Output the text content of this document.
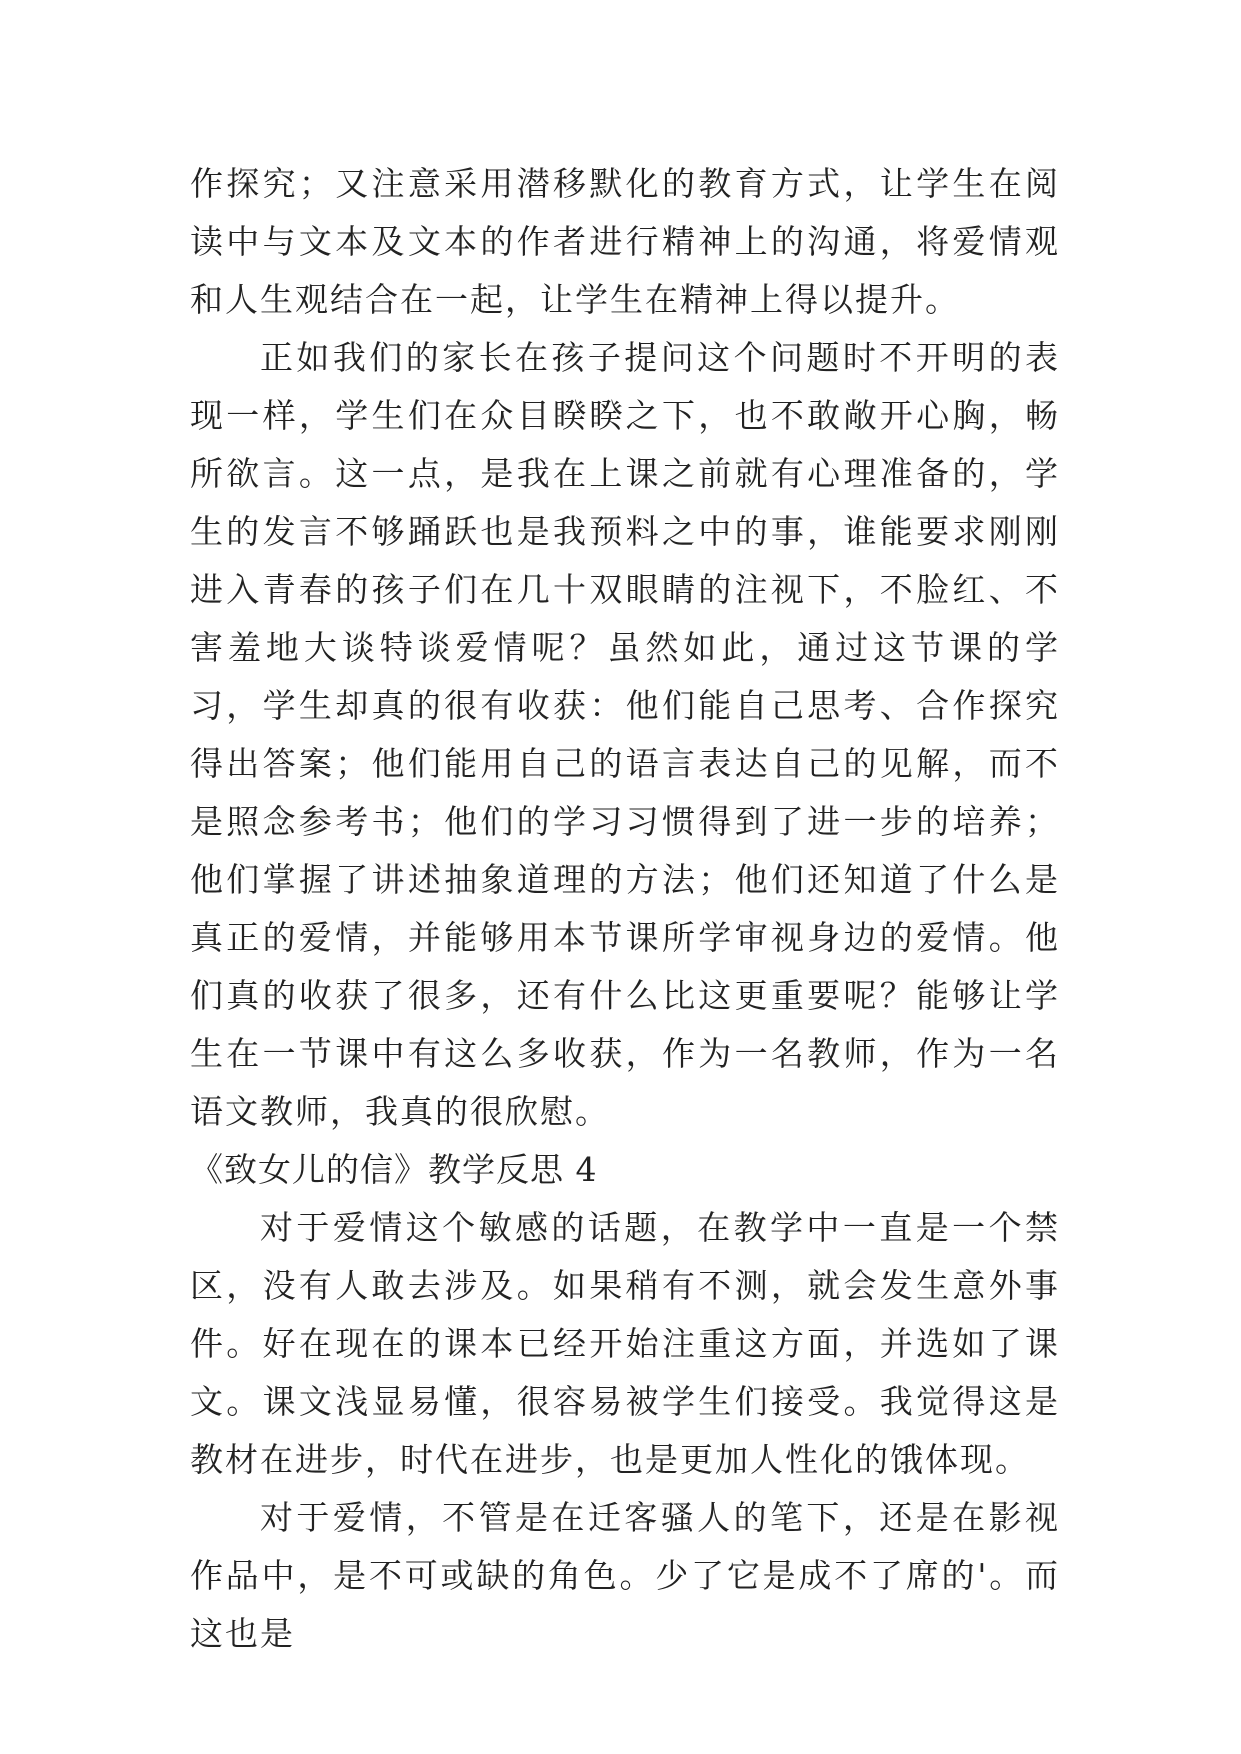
作探究；又注意采用潜移默化的教育方式，让学生在阅读中与文本及文本的作者进行精神上的沟通，将爱情观和人生观结合在一起，让学生在精神上得以提升。

正如我们的家长在孩子提问这个问题时不开明的表现一样，学生们在众目睽睽之下，也不敢敞开心胸，畅所欲言。这一点，是我在上课之前就有心理准备的，学生的发言不够踊跃也是我预料之中的事，谁能要求刚刚进入青春的孩子们在几十双眼睛的注视下，不脸红、不害羞地大谈特谈爱情呢？虽然如此，通过这节课的学习，学生却真的很有收获：他们能自己思考、合作探究得出答案；他们能用自己的语言表达自己的见解，而不是照念参考书；他们的学习习惯得到了进一步的培养；他们掌握了讲述抽象道理的方法；他们还知道了什么是真正的爱情，并能够用本节课所学审视身边的爱情。他们真的收获了很多，还有什么比这更重要呢？能够让学生在一节课中有这么多收获，作为一名教师，作为一名语文教师，我真的很欣慰。

《致女儿的信》教学反思 4

对于爱情这个敏感的话题，在教学中一直是一个禁区，没有人敢去涉及。如果稍有不测，就会发生意外事件。好在现在的课本已经开始注重这方面，并选如了课文。课文浅显易懂，很容易被学生们接受。我觉得这是教材在进步，时代在进步，也是更加人性化的饿体现。

对于爱情，不管是在迁客骚人的笔下，还是在影视作品中，是不可或缺的角色。少了它是成不了席的'。而这也是
